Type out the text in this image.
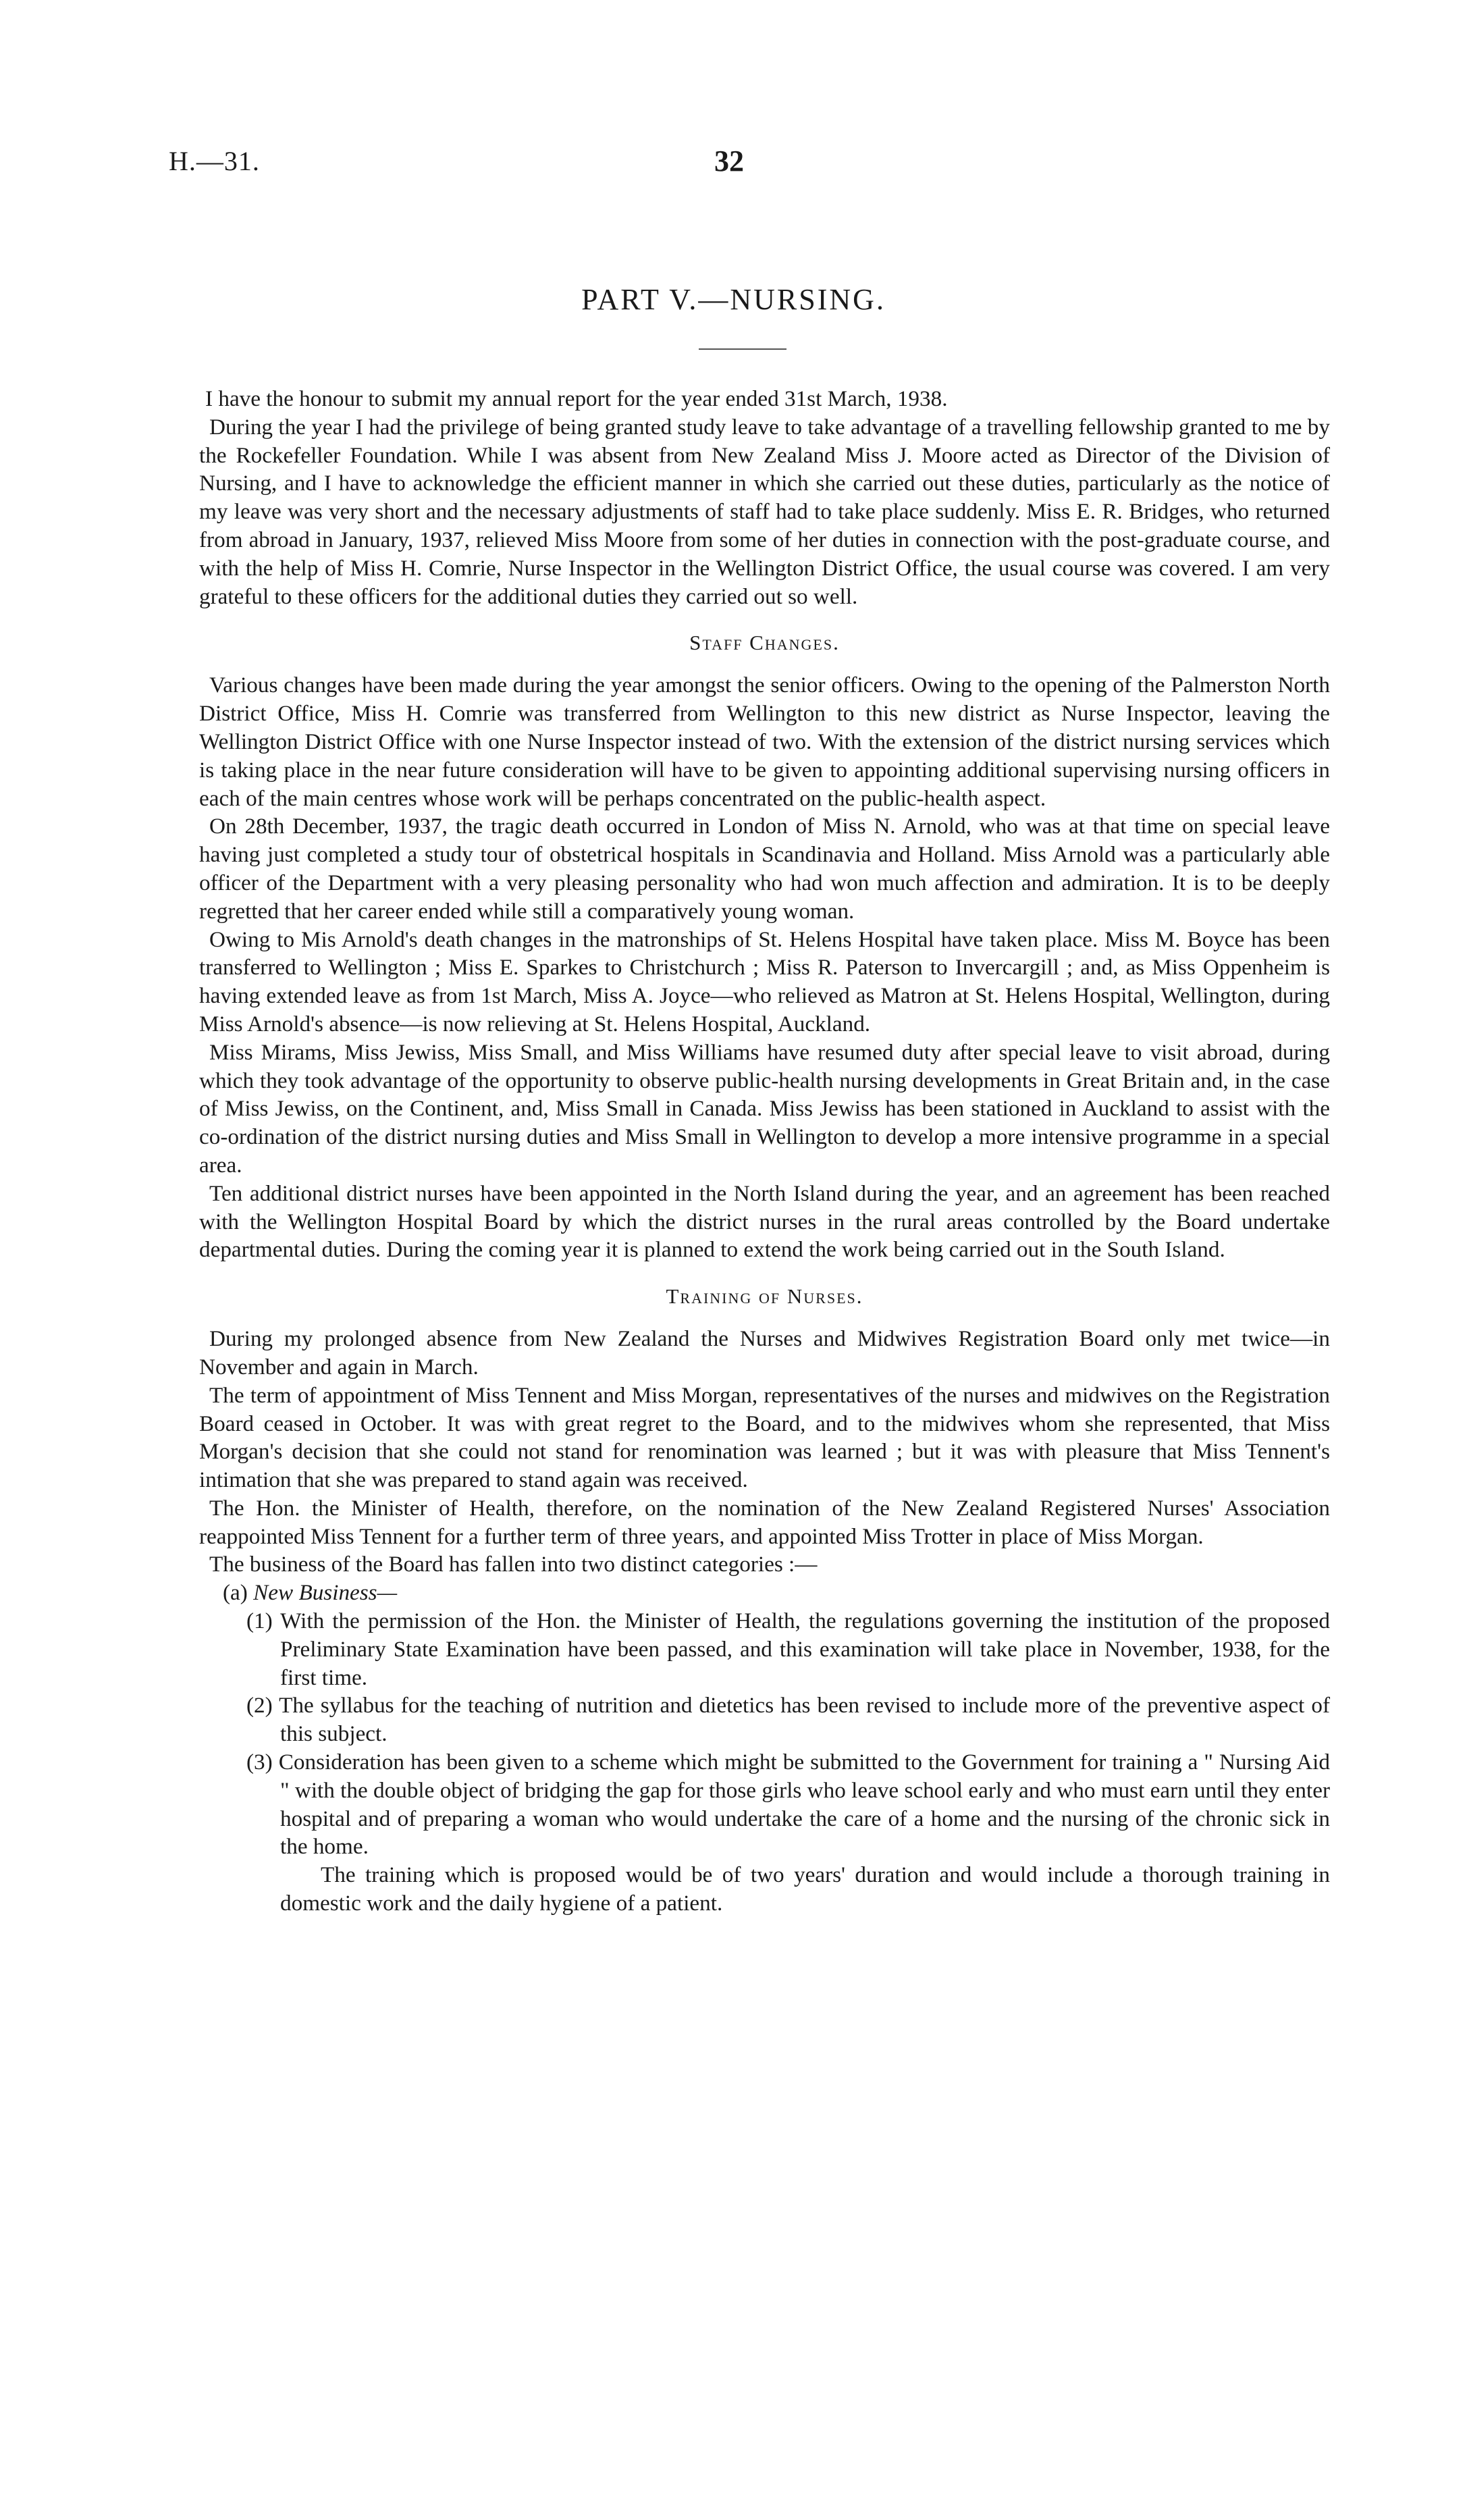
H.—31.	32
PART V.—NURSING.

I have the honour to submit my annual report for the year ended 31st March, 1938.

During the year I had the privilege of being granted study leave to take advantage of a travelling fellowship granted to me by the Rockefeller Foundation. While I was absent from New Zealand Miss J. Moore acted as Director of the Division of Nursing, and I have to acknowledge the efficient manner in which she carried out these duties, particularly as the notice of my leave was very short and the necessary adjustments of staff had to take place suddenly. Miss E. R. Bridges, who returned from abroad in January, 1937, relieved Miss Moore from some of her duties in connection with the post-graduate course, and with the help of Miss H. Comrie, Nurse Inspector in the Wellington District Office, the usual course was covered. I am very grateful to these officers for the additional duties they carried out so well.

Staff Changes.

Various changes have been made during the year amongst the senior officers. Owing to the opening of the Palmerston North District Office, Miss H. Comrie was transferred from Wellington to this new district as Nurse Inspector, leaving the Wellington District Office with one Nurse Inspector instead of two. With the extension of the district nursing services which is taking place in the near future consideration will have to be given to appointing additional supervising nursing officers in each of the main centres whose work will be perhaps concentrated on the public-health aspect.

On 28th December, 1937, the tragic death occurred in London of Miss N. Arnold, who was at that time on special leave having just completed a study tour of obstetrical hospitals in Scandinavia and Holland. Miss Arnold was a particularly able officer of the Department with a very pleasing personality who had won much affection and admiration. It is to be deeply regretted that her career ended while still a comparatively young woman.

Owing to Mis Arnold's death changes in the matronships of St. Helens Hospital have taken place. Miss M. Boyce has been transferred to Wellington ; Miss E. Sparkes to Christchurch ; Miss R. Paterson to Invercargill ; and, as Miss Oppenheim is having extended leave as from 1st March, Miss A. Joyce—who relieved as Matron at St. Helens Hospital, Wellington, during Miss Arnold's absence—is now relieving at St. Helens Hospital, Auckland.

Miss Mirams, Miss Jewiss, Miss Small, and Miss Williams have resumed duty after special leave to visit abroad, during which they took advantage of the opportunity to observe public-health nursing developments in Great Britain and, in the case of Miss Jewiss, on the Continent, and, Miss Small in Canada. Miss Jewiss has been stationed in Auckland to assist with the co-ordination of the district nursing duties and Miss Small in Wellington to develop a more intensive programme in a special area.

Ten additional district nurses have been appointed in the North Island during the year, and an agreement has been reached with the Wellington Hospital Board by which the district nurses in the rural areas controlled by the Board undertake departmental duties. During the coming year it is planned to extend the work being carried out in the South Island.

Training of Nurses.

During my prolonged absence from New Zealand the Nurses and Midwives Registration Board only met twice—in November and again in March.

The term of appointment of Miss Tennent and Miss Morgan, representatives of the nurses and midwives on the Registration Board ceased in October. It was with great regret to the Board, and to the midwives whom she represented, that Miss Morgan's decision that she could not stand for renomination was learned ; but it was with pleasure that Miss Tennent's intimation that she was prepared to stand again was received.

The Hon. the Minister of Health, therefore, on the nomination of the New Zealand Registered Nurses' Association reappointed Miss Tennent for a further term of three years, and appointed Miss Trotter in place of Miss Morgan.

The business of the Board has fallen into two distinct categories :—

(a) New Business—

(1) With the permission of the Hon. the Minister of Health, the regulations governing the institution of the proposed Preliminary State Examination have been passed, and this examination will take place in November, 1938, for the first time.

(2) The syllabus for the teaching of nutrition and dietetics has been revised to include more of the preventive aspect of this subject.

(3) Consideration has been given to a scheme which might be submitted to the Government for training a " Nursing Aid " with the double object of bridging the gap for those girls who leave school early and who must earn until they enter hospital and of preparing a woman who would undertake the care of a home and the nursing of the chronic sick in the home.

The training which is proposed would be of two years' duration and would include a thorough training in domestic work and the daily hygiene of a patient.
